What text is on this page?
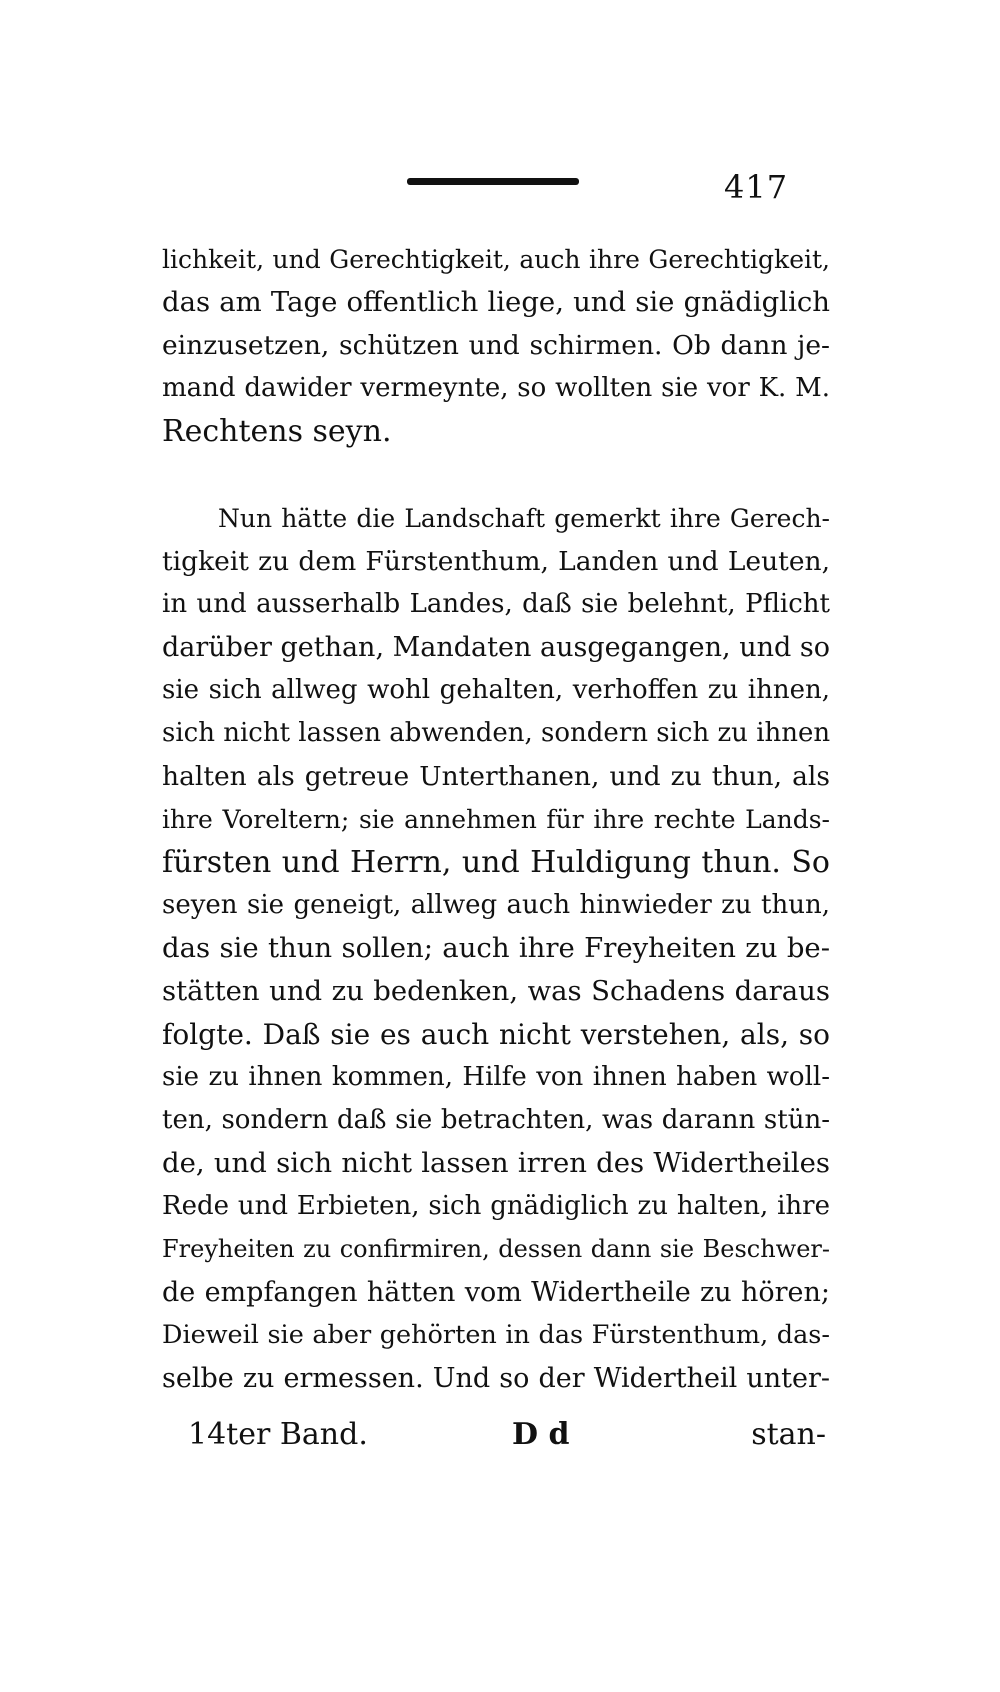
417
lichkeit, und Gerechtigkeit, auch ihre Gerechtigkeit,
das am Tage offentlich liege, und sie gnädiglich
einzusetzen, schützen und schirmen. Ob dann je-
mand dawider vermeynte, so wollten sie vor K. M.
Rechtens seyn.
Nun hätte die Landschaft gemerkt ihre Gerech-
tigkeit zu dem Fürstenthum, Landen und Leuten,
in und ausserhalb Landes, daß sie belehnt, Pflicht
darüber gethan, Mandaten ausgegangen, und so
sie sich allweg wohl gehalten, verhoffen zu ihnen,
sich nicht lassen abwenden, sondern sich zu ihnen
halten als getreue Unterthanen, und zu thun, als
ihre Voreltern; sie annehmen für ihre rechte Lands-
fürsten und Herrn, und Huldigung thun. So
seyen sie geneigt, allweg auch hinwieder zu thun,
das sie thun sollen; auch ihre Freyheiten zu be-
stätten und zu bedenken, was Schadens daraus
folgte. Daß sie es auch nicht verstehen, als, so
sie zu ihnen kommen, Hilfe von ihnen haben woll-
ten, sondern daß sie betrachten, was darann stün-
de, und sich nicht lassen irren des Widertheiles
Rede und Erbieten, sich gnädiglich zu halten, ihre
Freyheiten zu confirmiren, dessen dann sie Beschwer-
de empfangen hätten vom Widertheile zu hören;
Dieweil sie aber gehörten in das Fürstenthum, das-
selbe zu ermessen. Und so der Widertheil unter-
14ter Band.	D d	stan-
